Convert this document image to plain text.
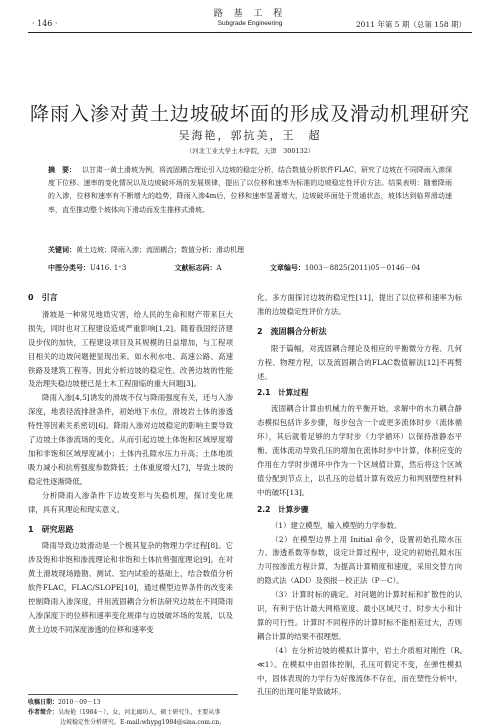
路 基 工 程
· 146 ·	Subgrade Engineering	2011 年第 5 期（总第 158 期）
降雨入渗对黄土边坡破坏面的形成及滑动机理研究
吴海艳，郭抗美，王　超
（河北工业大学土木学院，天津　300132）
摘　要： 以甘肃一黄土滑坡为例，将流固耦合理论引入边坡的稳定分析，结合数值分析软件FLAC，研究了边坡在不同降雨入渗深度下位移、速率的变化情况以及边坡破坏场的发展规律，提出了以位移和速率为标准的边坡稳定性评价方法。结果表明：随着降雨的入渗，位移和速率有不断增大的趋势，降雨入渗4m后，位移和速率显著增大，边坡破坏面处于贯通状态，坡体达到临界滑动速率，直至推动整个坡体向下滑动而发生推移式滑坡。
关键词：黄土边坡；降雨入渗；流固耦合；数值分析；滑动机理
中图分类号：U416. 1⁺3	文献标志码：A	文章编号：1003－8825(2011)05－0146－04
0　引言

滑坡是一种常见地质灾害，给人民的生命和财产带来巨大损失，同时也对工程建设造成严重影响[1,2]。随着我国经济建设步伐的加快，工程建设项目及其规模的日益增加，与工程项目相关的边坡问题便显现出来。如水利水电、高速公路、高速铁路及建筑工程等。因此分析边坡的稳定性、改善边坡的性能及治理失稳边坡便已是土木工程面临的重大问题[3]。

降雨入渗[4,5]诱发的滑坡不仅与降雨强度有关，还与入渗深度，地表径流排泄条件，初始地下水位，滑坡岩土体的渗透特性等因素关系密切[6]。降雨入渗对边坡稳定的影响主要导致了边坡土体渗流场的变化。从而引起边坡土体饱和区域厚度增加和非饱和区域厚度减小；土体内孔隙水压力升高；土体地质吸力减小和抗剪强度参数降低；土体重度增大[7]，导致土坡的稳定性逐渐降低。

分析降雨入渗条件下边坡变形与失稳机理，探讨变化规律，具有其理论和现实意义。

1　研究思路

降雨导致边坡滑动是一个极其复杂的物理力学过程[8]。它涉及饱和非饱和渗流理论和非饱和土体抗剪强度理论[9]。在对黄土滑坡现场踏勘、测试、室内试验的基础上，结合数值分析软件FLAC，FLAC/SLOPE[10]，通过模型边界条件的改变来控制降雨入渗深度，并用流固耦合分析法研究边坡在不同降雨入渗深度下的位移和速率变化规律与边坡破坏场的发展，以及黄土边坡不同深度渗透的位移和速率变

化、多方面探讨边坡的稳定性[11]，提出了以位移和速率为标准的边坡稳定性评价方法。

2　流固耦合分析法

限于篇幅，对流固耦合理论及相应的平衡微分方程、几何方程、物理方程，以及流固耦合的FLAC数值解法[12]不再赘述。

2.1　计算过程

流固耦合计算由机械力的平衡开始，求解中的水力耦合静态模拟包括许多步骤，每步包含一个或更多流体时步（流体循环），其后就着足够的力学时步（力学循环）以保持准静态平衡。流体流动导致孔压的增加在流体时步中计算，体积应变的作用在力学时步循环中作为一个区域值计算，然后将这个区域值分配到节点上，以孔压的总值计算有效应力和判别塑性材料中的破坏[13]。

2.2　计算步骤

（1）建立模型，输入模型的力学参数。

（2）在模型边界上用 Initial 命令，设置初始孔隙水压力、渗透系数等参数，设定计算过程中，设定的初始孔隙水压力可按渗流方程计算，为提高计算精度和速度，采用交替方向的隐式法（ADI）及预报－校正法（P－C）。

（3）计算时标的确定。对问题的计算时标和扩散性的认识，有利于估计最大网格宽度、最小区域尺寸、时步大小和计算的可行性。计算时不同程序的计算时标不能相差过大，否则耦合计算的结果不很理想。

（4）在分析边坡的模拟计算中，岩土介质相对刚性（R꜀ ≪1）。在模拟中由固体控制，孔压可假定不变，在弹性模拟中，固体表现的力学行为好像流体不存在，而在塑性分析中，孔压的出现可能导致破坏。

收稿日期：2010－09－13
作者简介：吴海艳（1984－），女，河北廊坊人，硕士研究生，主要从事
边坡稳定性分析研究。E-mail:whypg1984@sina.com.cn。
